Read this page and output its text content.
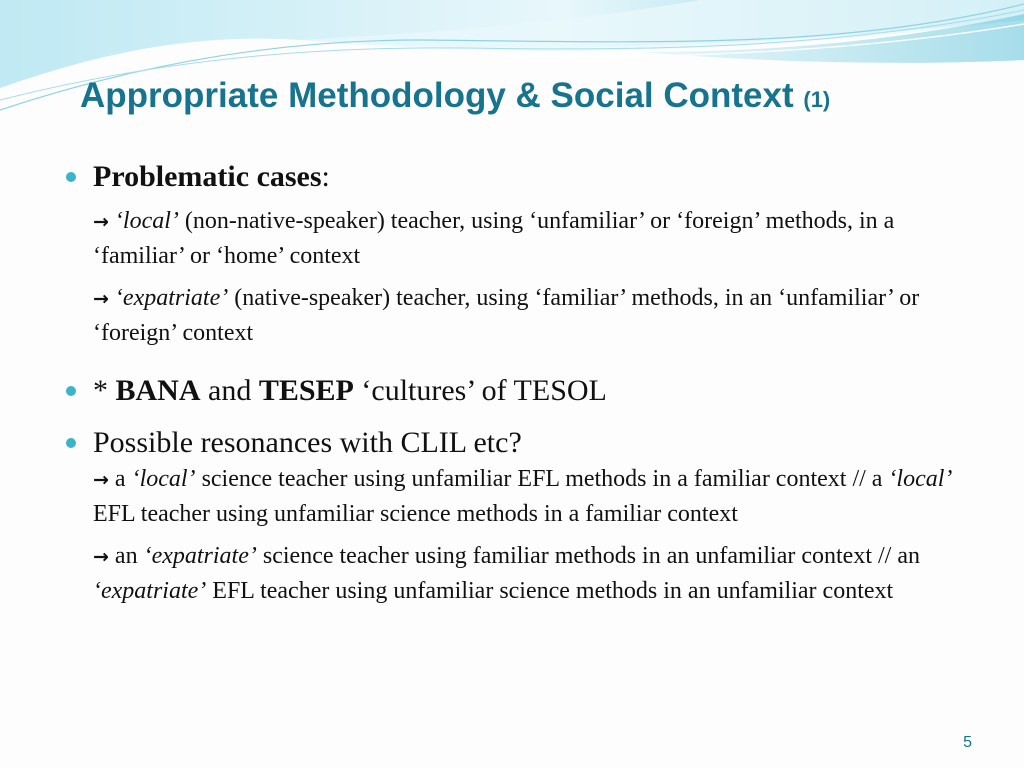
Appropriate Methodology & Social Context (1)
Problematic cases:
→ ‘local’ (non-native-speaker) teacher, using ‘unfamiliar’ or ‘foreign’ methods, in a ‘familiar’ or ‘home’ context
→ ‘expatriate’ (native-speaker) teacher, using ‘familiar’ methods, in an ‘unfamiliar’ or ‘foreign’ context
* BANA and TESEP ‘cultures’ of TESOL
Possible resonances with CLIL etc?
→ a ‘local’ science teacher using unfamiliar EFL methods in a familiar context // a ‘local’ EFL teacher using unfamiliar science methods in a familiar context
→ an ‘expatriate’ science teacher using familiar methods in an unfamiliar context // an ‘expatriate’ EFL teacher using unfamiliar science methods in an unfamiliar context
5
